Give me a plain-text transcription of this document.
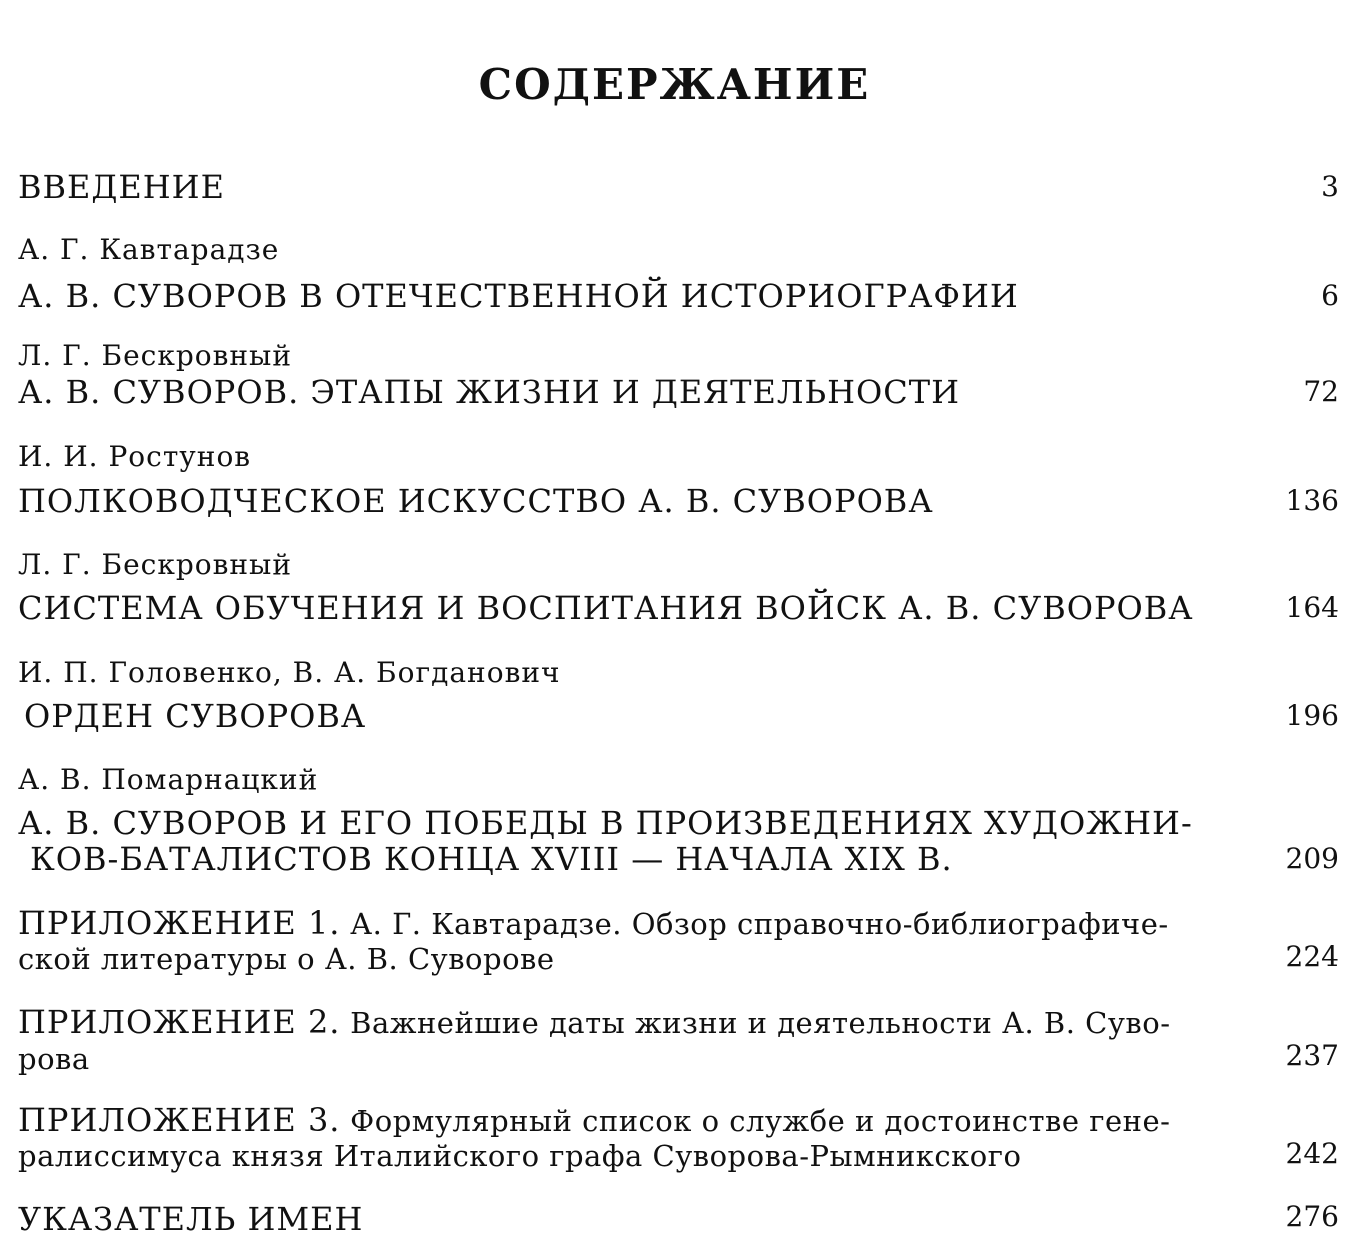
СОДЕРЖАНИЕ
ВВЕДЕНИЕ	3
А. Г. Кавтарадзе
А. В. СУВОРОВ В ОТЕЧЕСТВЕННОЙ ИСТОРИОГРАФИИ	6
Л. Г. Бескровный
А. В. СУВОРОВ. ЭТАПЫ ЖИЗНИ И ДЕЯТЕЛЬНОСТИ	72
И. И. Ростунов
ПОЛКОВОДЧЕСКОЕ ИСКУССТВО А. В. СУВОРОВА	136
Л. Г. Бескровный
СИСТЕМА ОБУЧЕНИЯ И ВОСПИТАНИЯ ВОЙСК А. В. СУВОРОВА	164
И. П. Головенко, В. А. Богданович
ОРДЕН СУВОРОВА	196
А. В. Помарнацкий
А. В. СУВОРОВ И ЕГО ПОБЕДЫ В ПРОИЗВЕДЕНИЯХ ХУДОЖНИ-
КОВ-БАТАЛИСТОВ КОНЦА XVIII — НАЧАЛА XIX В.	209
ПРИЛОЖЕНИЕ 1. А. Г. Кавтарадзе. Обзор справочно-библиографиче-
ской литературы о А. В. Суворове	224
ПРИЛОЖЕНИЕ 2. Важнейшие даты жизни и деятельности А. В. Суво-
рова	237
ПРИЛОЖЕНИЕ 3. Формулярный список о службе и достоинстве гене-
ралиссимуса князя Италийского графа Суворова-Рымникского	242
УКАЗАТЕЛЬ ИМЕН	276
